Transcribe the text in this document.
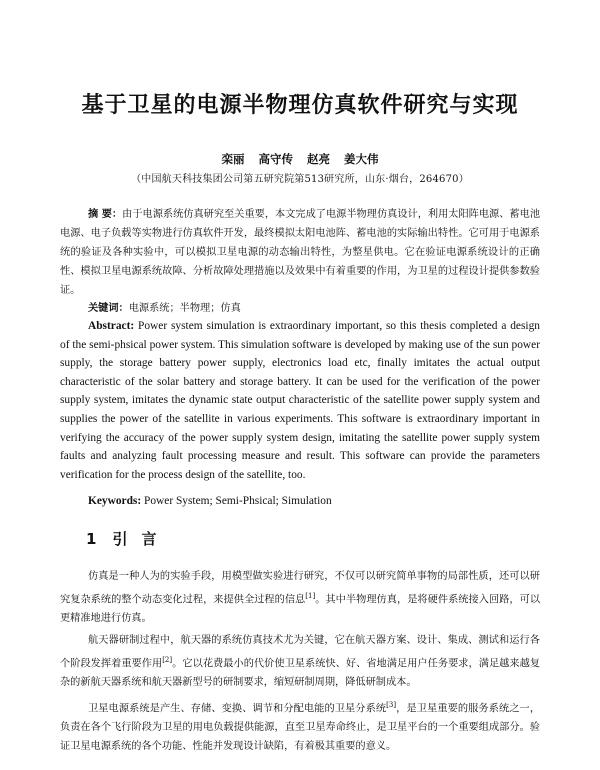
基于卫星的电源半物理仿真软件研究与实现
栾丽 高守传 赵亮 姜大伟
（中国航天科技集团公司第五研究院第513研究所，山东·烟台，264670）
摘 要：由于电源系统仿真研究至关重要，本文完成了电源半物理仿真设计，利用太阳阵电源、蓄电池电源、电子负载等实物进行仿真软件开发，最终模拟太阳电池阵、蓄电池的实际输出特性。它可用于电源系统的验证及各种实验中，可以模拟卫星电源的动态输出特性，为整星供电。它在验证电源系统设计的正确性、模拟卫星电源系统故障、分析故障处理措施以及效果中有着重要的作用，为卫星的过程设计提供参数验证。
关键词：电源系统；半物理；仿真
Abstract: Power system simulation is extraordinary important, so this thesis completed a design of the semi-phsical power system. This simulation software is developed by making use of the sun power supply, the storage battery power supply, electronics load etc, finally imitates the actual output characteristic of the solar battery and storage battery. It can be used for the verification of the power supply system, imitates the dynamic state output characteristic of the satellite power supply system and supplies the power of the satellite in various experiments. This software is extraordinary important in verifying the accuracy of the power supply system design, imitating the satellite power supply system faults and analyzing fault processing measure and result. This software can provide the parameters verification for the process design of the satellite, too.
Keywords: Power System; Semi-Phsical; Simulation
1 引言

仿真是一种人为的实验手段，用模型做实验进行研究，不仅可以研究简单事物的局部性质，还可以研究复杂系统的整个动态变化过程，来提供全过程的信息[1]。其中半物理仿真，是将硬件系统接入回路，可以更精准地进行仿真。

航天器研制过程中，航天器的系统仿真技术尤为关键，它在航天器方案、设计、集成、测试和运行各个阶段发挥着重要作用[2]。它以花费最小的代价使卫星系统快、好、省地满足用户任务要求，满足越来越复杂的新航天器系统和航天器新型号的研制要求，缩短研制周期，降低研制成本。

卫星电源系统是产生、存储、变换、调节和分配电能的卫星分系统[3]，是卫星重要的服务系统之一，负责在各个飞行阶段为卫星的用电负载提供能源，直至卫星寿命终止，是卫星平台的一个重要组成部分。验证卫星电源系统的各个功能、性能并发现设计缺陷，有着极其重要的意义。
